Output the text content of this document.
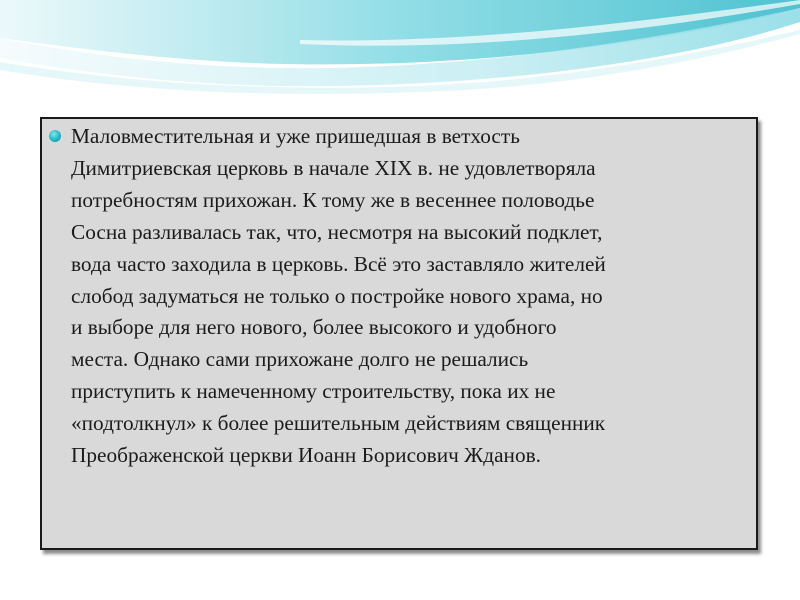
Маловместительная и уже пришедшая в ветхость
Димитриевская церковь в начале XIX в. не удовлетворяла
потребностям прихожан. К тому же в весеннее половодье
Сосна разливалась так, что, несмотря на высокий подклет,
вода часто заходила в церковь. Всё это заставляло жителей
слобод задуматься не только о постройке нового храма, но
и выборе для него нового, более высокого и удобного
места. Однако сами прихожане долго не решались
приступить к намеченному строительству, пока их не
«подтолкнул» к более решительным действиям священник
Преображенской церкви Иоанн Борисович Жданов.
